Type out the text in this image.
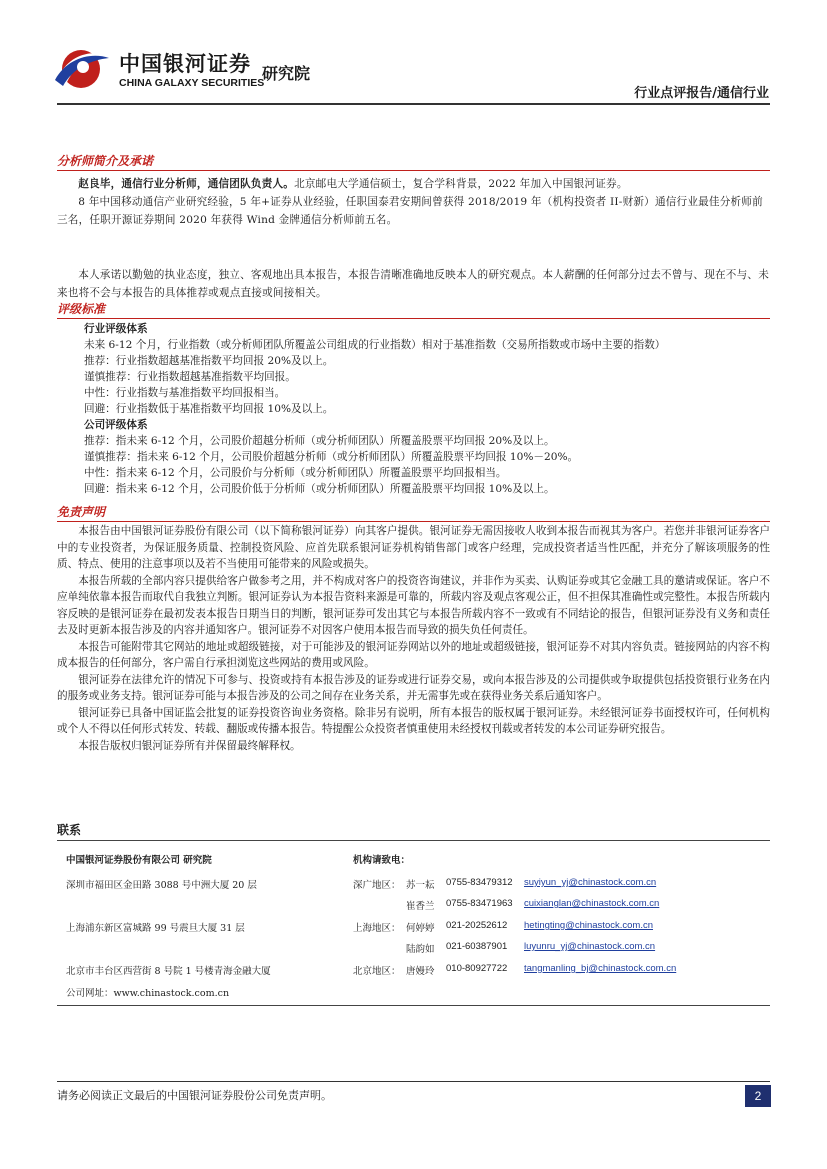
中国银河证券
CHINA GALAXY SECURITIES
研究院
行业点评报告/通信行业
分析师简介及承诺

赵良毕，通信行业分析师，通信团队负责人。北京邮电大学通信硕士，复合学科背景，2022 年加入中国银河证券。

8 年中国移动通信产业研究经验，5 年+证券从业经验，任职国泰君安期间曾获得 2018/2019 年（机构投资者 II-财新）通信行业最佳分析师前三名，任职开源证券期间 2020 年获得 Wind 金牌通信分析师前五名。

本人承诺以勤勉的执业态度，独立、客观地出具本报告，本报告清晰准确地反映本人的研究观点。本人薪酬的任何部分过去不曾与、现在不与、未来也将不会与本报告的具体推荐或观点直接或间接相关。

评级标准
行业评级体系
未来 6-12 个月，行业指数（或分析师团队所覆盖公司组成的行业指数）相对于基准指数（交易所指数或市场中主要的指数）
推荐：行业指数超越基准指数平均回报 20%及以上。
谨慎推荐：行业指数超越基准指数平均回报。
中性：行业指数与基准指数平均回报相当。
回避：行业指数低于基准指数平均回报 10%及以上。
公司评级体系
推荐：指未来 6-12 个月，公司股价超越分析师（或分析师团队）所覆盖股票平均回报 20%及以上。
谨慎推荐：指未来 6-12 个月，公司股价超越分析师（或分析师团队）所覆盖股票平均回报 10%－20%。
中性：指未来 6-12 个月，公司股价与分析师（或分析师团队）所覆盖股票平均回报相当。
回避：指未来 6-12 个月，公司股价低于分析师（或分析师团队）所覆盖股票平均回报 10%及以上。
免责声明

本报告由中国银河证券股份有限公司（以下简称银河证券）向其客户提供。银河证券无需因接收人收到本报告而视其为客户。若您并非银河证券客户中的专业投资者，为保证服务质量、控制投资风险、应首先联系银河证券机构销售部门或客户经理，完成投资者适当性匹配，并充分了解该项服务的性质、特点、使用的注意事项以及若不当使用可能带来的风险或损失。

本报告所载的全部内容只提供给客户做参考之用，并不构成对客户的投资咨询建议，并非作为买卖、认购证券或其它金融工具的邀请或保证。客户不应单纯依靠本报告而取代自我独立判断。银河证券认为本报告资料来源是可靠的，所载内容及观点客观公正，但不担保其准确性或完整性。本报告所载内容反映的是银河证券在最初发表本报告日期当日的判断，银河证券可发出其它与本报告所载内容不一致或有不同结论的报告，但银河证券没有义务和责任去及时更新本报告涉及的内容并通知客户。银河证券不对因客户使用本报告而导致的损失负任何责任。

本报告可能附带其它网站的地址或超级链接，对于可能涉及的银河证券网站以外的地址或超级链接，银河证券不对其内容负责。链接网站的内容不构成本报告的任何部分，客户需自行承担浏览这些网站的费用或风险。

银河证券在法律允许的情况下可参与、投资或持有本报告涉及的证券或进行证券交易，或向本报告涉及的公司提供或争取提供包括投资银行业务在内的服务或业务支持。银河证券可能与本报告涉及的公司之间存在业务关系，并无需事先或在获得业务关系后通知客户。

银河证券已具备中国证监会批复的证券投资咨询业务资格。除非另有说明，所有本报告的版权属于银河证券。未经银河证券书面授权许可，任何机构或个人不得以任何形式转发、转载、翻版或传播本报告。特提醒公众投资者慎重使用未经授权刊载或者转发的本公司证券研究报告。

本报告版权归银河证券所有并保留最终解释权。

联系
中国银河证券股份有限公司 研究院
深圳市福田区金田路 3088 号中洲大厦 20 层
上海浦东新区富城路 99 号震旦大厦 31 层
北京市丰台区西营街 8 号院 1 号楼青海金融大厦
公司网址：www.chinastock.com.cn
机构请致电：
深广地区： 苏一耘 0755-83479312 suyiyun_yj@chinastock.com.cn
崔香兰 0755-83471963 cuixianglan@chinastock.com.cn
上海地区： 何婷婷 021-20252612 hetingting@chinastock.com.cn
陆韵如 021-60387901 luyunru_yj@chinastock.com.cn
北京地区： 唐嫚玲 010-80927722 tangmanling_bj@chinastock.com.cn
请务必阅读正文最后的中国银河证券股份公司免责声明。	2
